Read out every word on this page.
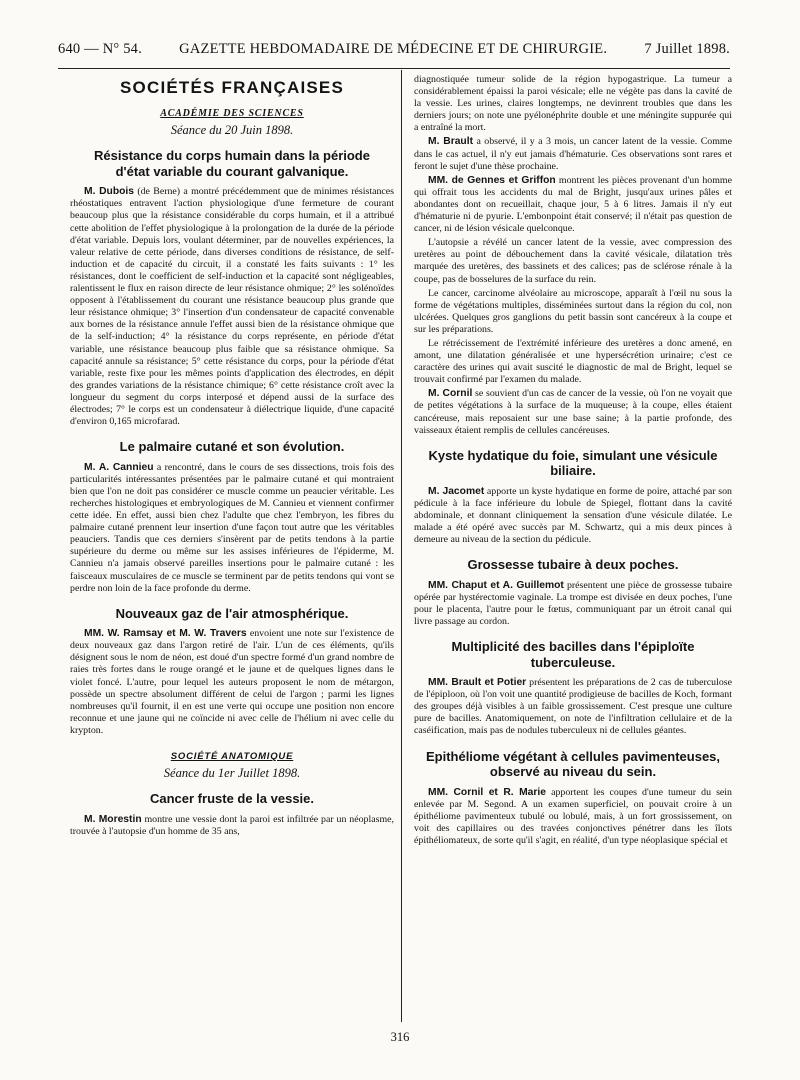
640 — N° 54.	GAZETTE HEBDOMADAIRE DE MÉDECINE ET DE CHIRURGIE.	7 Juillet 1898.
SOCIÉTÉS FRANÇAISES
ACADÉMIE DES SCIENCES
Séance du 20 Juin 1898.
Résistance du corps humain dans la période d'état variable du courant galvanique.

M. Dubois (de Berne) a montré précédemment que de minimes résistances rhéostatiques entravent l'action physiologique d'une fermeture de courant beaucoup plus que la résistance considérable du corps humain, et il a attribué cette abolition de l'effet physiologique à la prolongation de la durée de la période d'état variable. Depuis lors, voulant déterminer, par de nouvelles expériences, la valeur relative de cette période, dans diverses conditions de résistance, de self-induction et de capacité du circuit, il a constaté les faits suivants : 1° les résistances, dont le coefficient de self-induction et la capacité sont négligeables, ralentissent le flux en raison directe de leur résistance ohmique; 2° les solénoïdes opposent à l'établissement du courant une résistance beaucoup plus grande que leur résistance ohmique; 3° l'insertion d'un condensateur de capacité convenable aux bornes de la résistance annule l'effet aussi bien de la résistance ohmique que de la self-induction; 4° la résistance du corps représente, en période d'état variable, une résistance beaucoup plus faible que sa résistance ohmique. Sa capacité annule sa résistance; 5° cette résistance du corps, pour la période d'état variable, reste fixe pour les mêmes points d'application des électrodes, en dépit des grandes variations de la résistance chimique; 6° cette résistance croît avec la longueur du segment du corps interposé et dépend aussi de la surface des électrodes; 7° le corps est un condensateur à diélectrique liquide, d'une capacité d'environ 0,165 microfarad.

Le palmaire cutané et son évolution.

M. A. Cannieu a rencontré, dans le cours de ses dissections, trois fois des particularités intéressantes présentées par le palmaire cutané et qui montraient bien que l'on ne doit pas considérer ce muscle comme un peaucier véritable. Les recherches histologiques et embryologiques de M. Cannieu et viennent confirmer cette idée. En effet, aussi bien chez l'adulte que chez l'embryon, les fibres du palmaire cutané prennent leur insertion d'une façon tout autre que les véritables peauciers. Tandis que ces derniers s'insèrent par de petits tendons à la partie supérieure du derme ou même sur les assises inférieures de l'épiderme, M. Cannieu n'a jamais observé pareilles insertions pour le palmaire cutané : les faisceaux musculaires de ce muscle se terminent par de petits tendons qui vont se perdre non loin de la face profonde du derme.

Nouveaux gaz de l'air atmosphérique.

MM. W. Ramsay et M. W. Travers envoient une note sur l'existence de deux nouveaux gaz dans l'argon retiré de l'air. L'un de ces éléments, qu'ils désignent sous le nom de néon, est doué d'un spectre formé d'un grand nombre de raies très fortes dans le rouge orangé et le jaune et de quelques lignes dans le violet foncé. L'autre, pour lequel les auteurs proposent le nom de métargon, possède un spectre absolument différent de celui de l'argon ; parmi les lignes nombreuses qu'il fournit, il en est une verte qui occupe une position non encore reconnue et une jaune qui ne coïncide ni avec celle de l'hélium ni avec celle du krypton.

SOCIÉTÉ ANATOMIQUE
Séance du 1er Juillet 1898.
Cancer fruste de la vessie.

M. Morestin montre une vessie dont la paroi est infiltrée par un néoplasme, trouvée à l'autopsie d'un homme de 35 ans,

diagnostiquée tumeur solide de la région hypogastrique. La tumeur a considérablement épaissi la paroi vésicale; elle ne végète pas dans la cavité de la vessie. Les urines, claires longtemps, ne devinrent troubles que dans les derniers jours; on note une pyélonéphrite double et une méningite suppurée qui a entraîné la mort.

M. Brault a observé, il y a 3 mois, un cancer latent de la vessie. Comme dans le cas actuel, il n'y eut jamais d'hématurie. Ces observations sont rares et feront le sujet d'une thèse prochaine.

MM. de Gennes et Griffon montrent les pièces provenant d'un homme qui offrait tous les accidents du mal de Bright, jusqu'aux urines pâles et abondantes dont on recueillait, chaque jour, 5 à 6 litres. Jamais il n'y eut d'hématurie ni de pyurie. L'embonpoint était conservé; il n'était pas question de cancer, ni de lésion vésicale quelconque.

L'autopsie a révélé un cancer latent de la vessie, avec compression des uretères au point de débouchement dans la cavité vésicale, dilatation très marquée des uretères, des bassinets et des calices; pas de sclérose rénale à la coupe, pas de bosselures de la surface du rein.

Le cancer, carcinome alvéolaire au microscope, apparaît à l'œil nu sous la forme de végétations multiples, disséminées surtout dans la région du col, non ulcérées. Quelques gros ganglions du petit bassin sont cancéreux à la coupe et sur les préparations.

Le rétrécissement de l'extrémité inférieure des uretères a donc amené, en amont, une dilatation généralisée et une hypersécrétion urinaire; c'est ce caractère des urines qui avait suscité le diagnostic de mal de Bright, lequel se trouvait confirmé par l'examen du malade.

M. Cornil se souvient d'un cas de cancer de la vessie, où l'on ne voyait que de petites végétations à la surface de la muqueuse; à la coupe, elles étaient cancéreuse, mais reposaient sur une base saine; à la partie profonde, des vaisseaux étaient remplis de cellules cancéreuses.

Kyste hydatique du foie, simulant une vésicule biliaire.

M. Jacomet apporte un kyste hydatique en forme de poire, attaché par son pédicule à la face inférieure du lobule de Spiegel, flottant dans la cavité abdominale, et donnant cliniquement la sensation d'une vésicule dilatée. Le malade a été opéré avec succès par M. Schwartz, qui a mis deux pinces à demeure au niveau de la section du pédicule.

Grossesse tubaire à deux poches.

MM. Chaput et A. Guillemot présentent une pièce de grossesse tubaire opérée par hystérectomie vaginale. La trompe est divisée en deux poches, l'une pour le placenta, l'autre pour le fœtus, communiquant par un étroit canal qui livre passage au cordon.

Multiplicité des bacilles dans l'épiploïte tuberculeuse.

MM. Brault et Potier présentent les préparations de 2 cas de tuberculose de l'épiploon, où l'on voit une quantité prodigieuse de bacilles de Koch, formant des groupes déjà visibles à un faible grossissement. C'est presque une culture pure de bacilles. Anatomiquement, on note de l'infiltration cellulaire et de la caséification, mais pas de nodules tuberculeux ni de cellules géantes.

Epithéliome végétant à cellules pavimenteuses, observé au niveau du sein.

MM. Cornil et R. Marie apportent les coupes d'une tumeur du sein enlevée par M. Segond. A un examen superficiel, on pouvait croire à un épithéliome pavimenteux tubulé ou lobulé, mais, à un fort grossissement, on voit des capillaires ou des travées conjonctives pénétrer dans les îlots épithéliomateux, de sorte qu'il s'agit, en réalité, d'un type néoplasique spécial et

316
